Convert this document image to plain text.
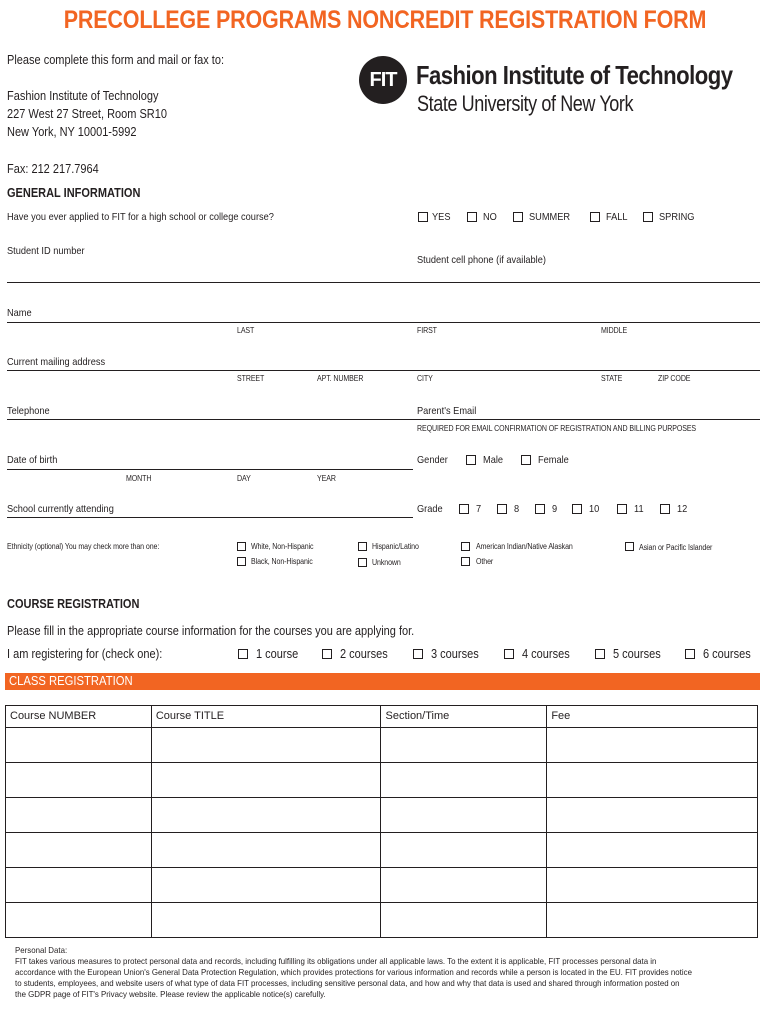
PRECOLLEGE PROGRAMS NONCREDIT REGISTRATION FORM
Please complete this form and mail or fax to:
Fashion Institute of Technology
227 West 27 Street, Room SR10
New York, NY 10001-5992
Fax: 212 217.7964
FIT Fashion Institute of Technology
State University of New York
GENERAL INFORMATION
Have you ever applied to FIT for a high school or college course?	YES	NO	SUMMER	FALL	SPRING
Student ID number
Student cell phone (if available)
Name
LAST	FIRST	MIDDLE
Current mailing address
STREET	APT. NUMBER	CITY	STATE	ZIP CODE
Telephone	Parent's Email
REQUIRED FOR EMAIL CONFIRMATION OF REGISTRATION AND BILLING PURPOSES
Date of birth	Gender	Male	Female
MONTH	DAY	YEAR
School currently attending	Grade	7	8	9	10	11	12
Ethnicity (optional) You may check more than one:	White, Non-Hispanic
Black, Non-Hispanic
Hispanic/Latino
Unknown
American Indian/Native Alaskan
Other
Asian or Pacific Islander
COURSE REGISTRATION
Please fill in the appropriate course information for the courses you are applying for.
I am registering for (check one):	1 course	2 courses	3 courses	4 courses	5 courses	6 courses
CLASS REGISTRATION
Course NUMBER	Course TITLE	Section/Time	Fee

Personal Data:

FIT takes various measures to protect personal data and records, including fulfilling its obligations under all applicable laws. To the extent it is applicable, FIT processes personal data in

accordance with the European Union's General Data Protection Regulation, which provides protections for various information and records while a person is located in the EU. FIT provides notice

to students, employees, and website users of what type of data FIT processes, including sensitive personal data, and how and why that data is used and shared through information posted on

the GDPR page of FIT's Privacy website. Please review the applicable notice(s) carefully.
